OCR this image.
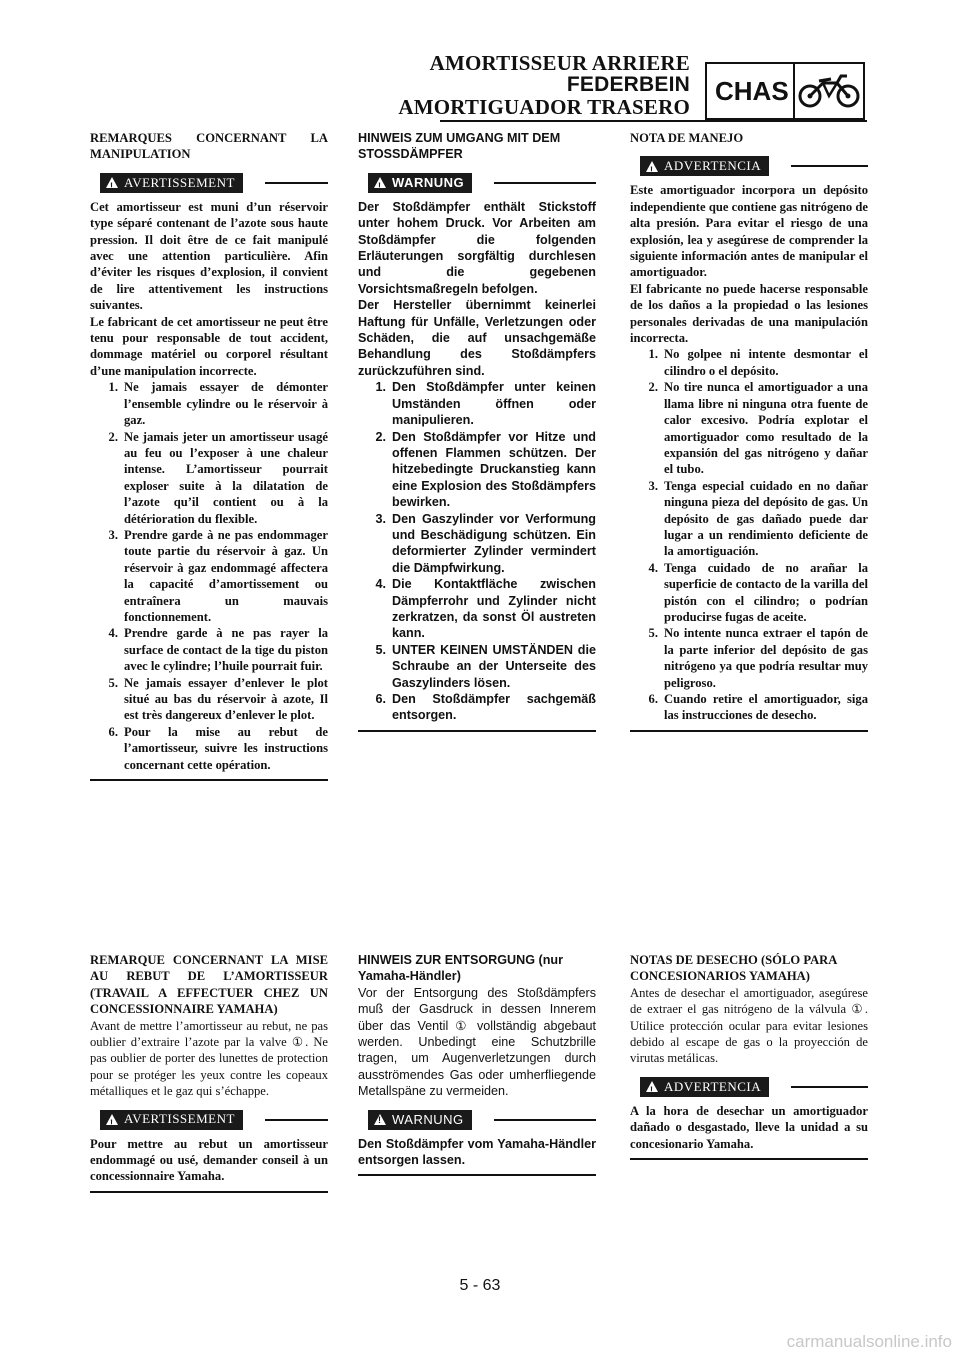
AMORTISSEUR ARRIERE
FEDERBEIN
AMORTIGUADOR TRASERO
CHAS
REMARQUES CONCERNANT LA MANIPULATION
!
AVERTISSEMENT
Cet amortisseur est muni d’un réservoir type séparé contenant de l’azote sous haute pression. Il doit être de ce fait manipulé avec une attention particulière. Afin d’éviter les risques d’explosion, il convient de lire attentivement les instructions suivantes.
Le fabricant de cet amortisseur ne peut être tenu pour responsable de tout accident, dommage matériel ou corporel résultant d’une manipulation incorrecte.
1. Ne jamais essayer de démonter l’ensemble cylindre ou le réservoir à gaz.
2. Ne jamais jeter un amortisseur usagé au feu ou l’exposer à une chaleur intense. L’amortisseur pourrait exploser suite à la dilatation de l’azote qu’il contient ou à la détérioration du flexible.
3. Prendre garde à ne pas endommager toute partie du réservoir à gaz. Un réservoir à gaz endommagé affectera la capacité d’amortissement ou entraînera un mauvais fonctionnement.
4. Prendre garde à ne pas rayer la surface de contact de la tige du piston avec le cylindre; l’huile pourrait fuir.
5. Ne jamais essayer d’enlever le plot situé au bas du réservoir à azote, Il est très dangereux d’enlever le plot.
6. Pour la mise au rebut de l’amortisseur, suivre les instructions concernant cette opération.
HINWEIS ZUM UMGANG MIT DEM STOSSDÄMPFER
!
WARNUNG
Der Stoßdämpfer enthält Stickstoff unter hohem Druck. Vor Arbeiten am Stoßdämpfer die folgenden Erläuterungen sorgfältig durchlesen und die gegebenen Vorsichtsmaßregeln befolgen.
Der Hersteller übernimmt keinerlei Haftung für Unfälle, Verletzungen oder Schäden, die auf unsachgemäße Behandlung des Stoßdämpfers zurückzuführen sind.
1. Den Stoßdämpfer unter keinen Umständen öffnen oder manipulieren.
2. Den Stoßdämpfer vor Hitze und offenen Flammen schützen. Der hitzebedingte Druckanstieg kann eine Explosion des Stoßdämpfers bewirken.
3. Den Gaszylinder vor Verformung und Beschädigung schützen. Ein deformierter Zylinder vermindert die Dämpfwirkung.
4. Die Kontaktfläche zwischen Dämpferrohr und Zylinder nicht zerkratzen, da sonst Öl austreten kann.
5. UNTER KEINEN UMSTÄNDEN die Schraube an der Unterseite des Gaszylinders lösen.
6. Den Stoßdämpfer sachgemäß entsorgen.
NOTA DE MANEJO
!
ADVERTENCIA
Este amortiguador incorpora un depósito independiente que contiene gas nitrógeno de alta presión. Para evitar el riesgo de una explosión, lea y asegúrese de comprender la siguiente información antes de manipular el amortiguador.
El fabricante no puede hacerse responsable de los daños a la propiedad o las lesiones personales derivadas de una manipulación incorrecta.
1. No golpee ni intente desmontar el cilindro o el depósito.
2. No tire nunca el amortiguador a una llama libre ni ninguna otra fuente de calor excesivo. Podría explotar el amortiguador como resultado de la expansión del gas nitrógeno y dañar el tubo.
3. Tenga especial cuidado en no dañar ninguna pieza del depósito de gas. Un depósito de gas dañado puede dar lugar a un rendimiento deficiente de la amortiguación.
4. Tenga cuidado de no arañar la superficie de contacto de la varilla del pistón con el cilindro; o podrían producirse fugas de aceite.
5. No intente nunca extraer el tapón de la parte inferior del depósito de gas nitrógeno ya que podría resultar muy peligroso.
6. Cuando retire el amortiguador, siga las instrucciones de desecho.
REMARQUE CONCERNANT LA MISE AU REBUT DE L’AMORTISSEUR (TRAVAIL A EFFECTUER CHEZ UN CONCESSIONNAIRE YAMAHA)
Avant de mettre l’amortisseur au rebut, ne pas oublier d’extraire l’azote par la valve ①. Ne pas oublier de porter des lunettes de protection pour se protéger les yeux contre les copeaux métalliques et le gaz qui s’échappe.
!
AVERTISSEMENT
Pour mettre au rebut un amortisseur endommagé ou usé, demander conseil à un concessionnaire Yamaha.
HINWEIS ZUR ENTSORGUNG (nur Yamaha-Händler)
Vor der Entsorgung des Stoßdämpfers muß der Gasdruck in dessen Innerem über das Ventil ① vollständig abgebaut werden. Unbedingt eine Schutzbrille tragen, um Augenverletzungen durch ausströmendes Gas oder umherfliegende Metallspäne zu vermeiden.
!
WARNUNG
Den Stoßdämpfer vom Yamaha-Händler entsorgen lassen.
NOTAS DE DESECHO (SÓLO PARA CONCESIONARIOS YAMAHA)
Antes de desechar el amortiguador, asegúrese de extraer el gas nitrógeno de la válvula ①. Utilice protección ocular para evitar lesiones debido al escape de gas o la proyección de virutas metálicas.
!
ADVERTENCIA
A la hora de desechar un amortiguador dañado o desgastado, lleve la unidad a su concesionario Yamaha.
5 - 63
carmanualsonline.info
